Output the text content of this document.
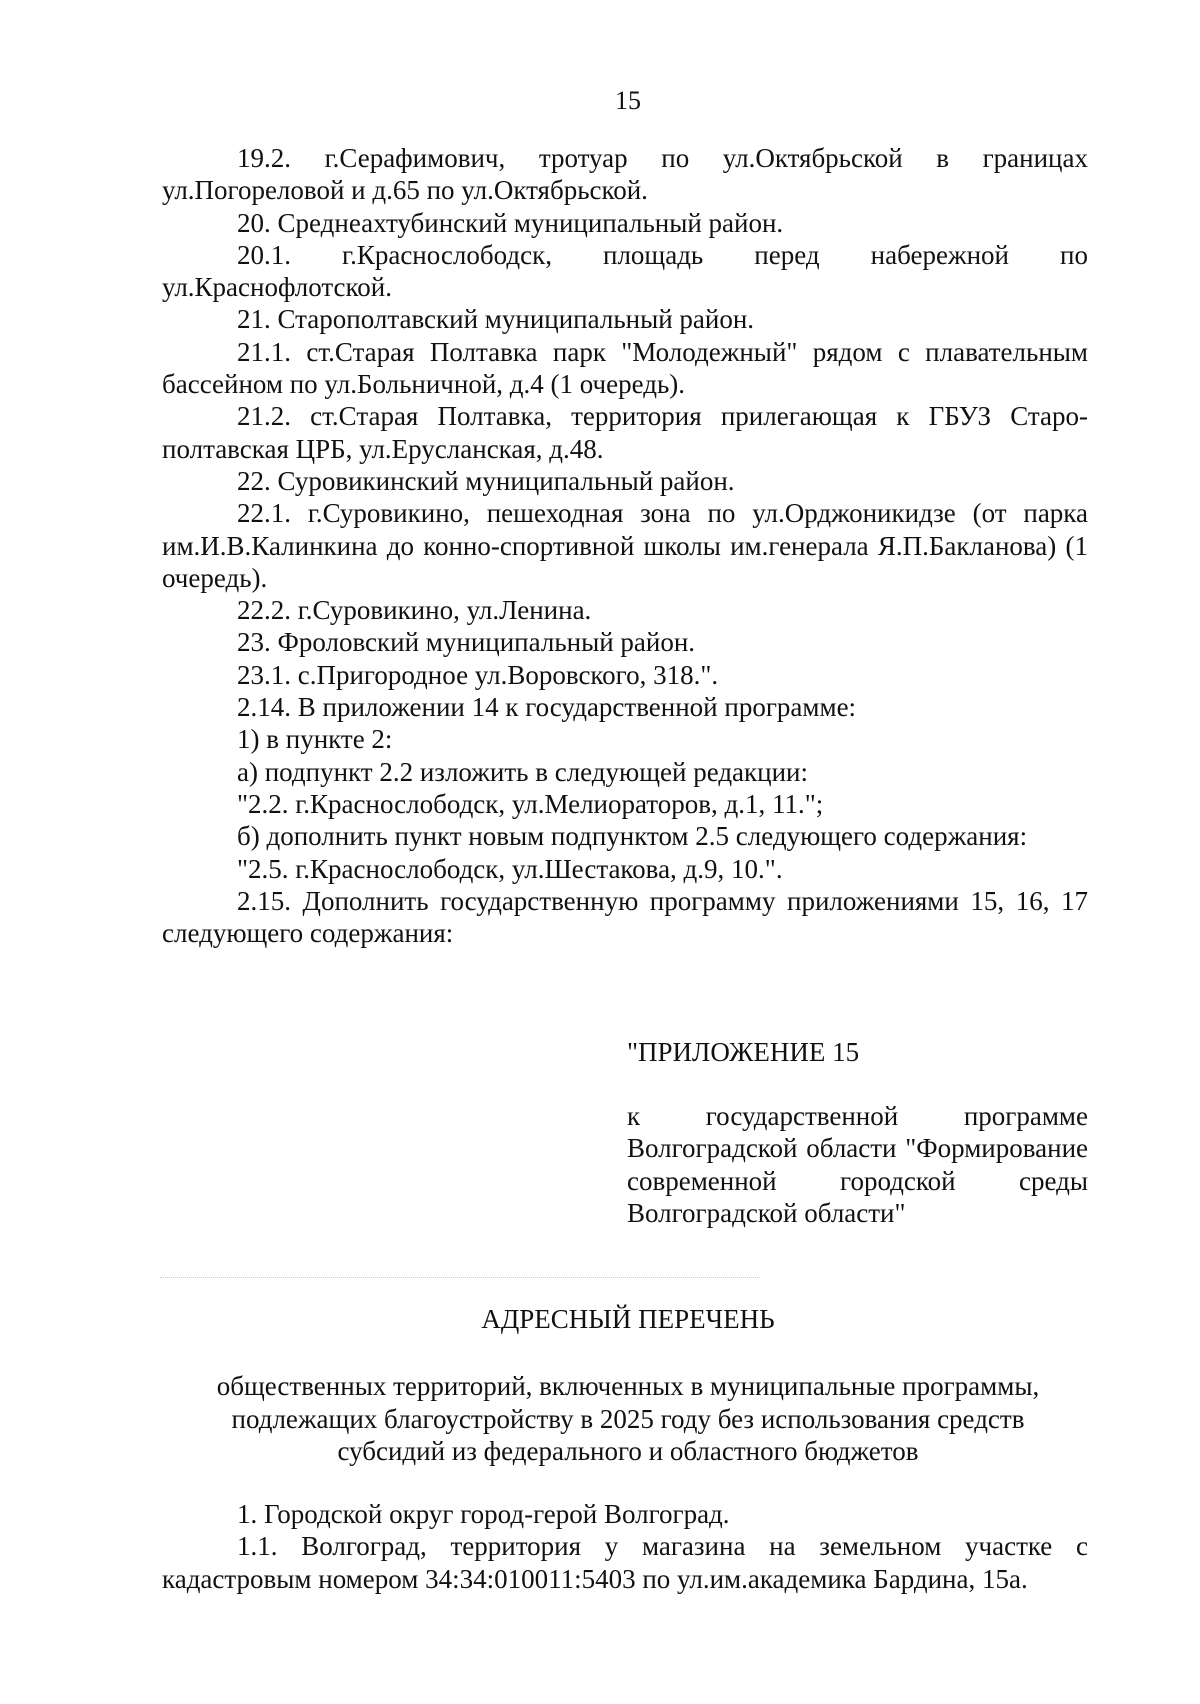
15

19.2. г.Серафимович, тротуар по ул.Октябрьской в границах ул.Погореловой и д.65 по ул.Октябрьской.

20. Среднеахтубинский муниципальный район.

20.1. г.Краснослободск, площадь перед набережной по ул.Краснофлотской.

21. Старополтавский муниципальный район.

21.1. ст.Старая Полтавка парк "Молодежный" рядом с плавательным бассейном по ул.Больничной, д.4 (1 очередь).

21.2. ст.Старая Полтавка, территория прилегающая к ГБУЗ Старо-полтавская ЦРБ, ул.Еруcланская, д.48.

22. Суровикинский муниципальный район.

22.1. г.Суровикино, пешеходная зона по ул.Орджоникидзе (от парка им.И.В.Калинкина до конно-спортивной школы им.генерала Я.П.Бакланова) (1 очередь).

22.2. г.Суровикино, ул.Ленина.

23. Фроловский муниципальный район.

23.1. с.Пригородное ул.Воровского, 318.".

2.14. В приложении 14 к государственной программе:

1) в пункте 2:

а) подпункт 2.2 изложить в следующей редакции:

"2.2. г.Краснослободск, ул.Мелиораторов, д.1, 11.";

б) дополнить пункт новым подпунктом 2.5 следующего содержания:

"2.5. г.Краснослободск, ул.Шестакова, д.9, 10.".

2.15. Дополнить государственную программу приложениями 15, 16, 17 следующего содержания:

"ПРИЛОЖЕНИЕ 15
к государственной программе Волгоградской области "Формирование современной городской среды Волгоградской области"
АДРЕСНЫЙ ПЕРЕЧЕНЬ
общественных территорий, включенных в муниципальные программы,
подлежащих благоустройству в 2025 году без использования средств
субсидий из федерального и областного бюджетов

1. Городской округ город-герой Волгоград.

1.1. Волгоград, территория у магазина на земельном участке с кадастровым номером 34:34:010011:5403 по ул.им.академика Бардина, 15а.
